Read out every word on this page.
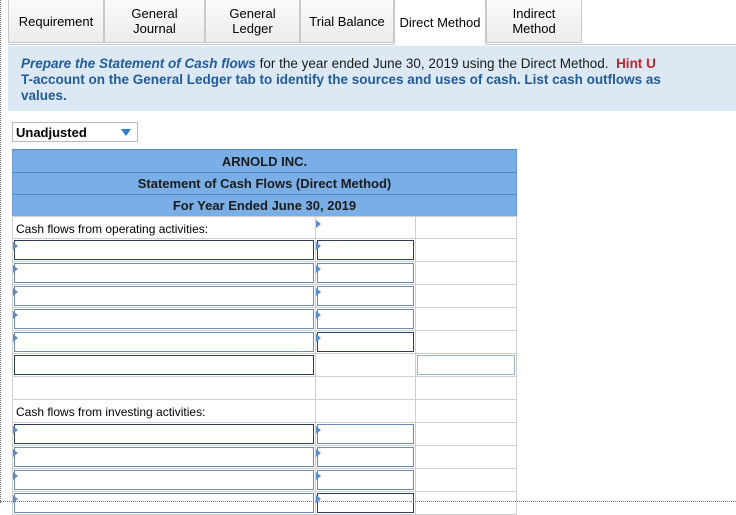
Requirement	General
Journal
General
Ledger	Trial Balance Direct Method
Indirect
Method
Prepare the Statement of Cash flows for the year ended June 30, 2019 using the Direct Method. Hint U
T-account on the General Ledger tab to identify the sources and uses of cash. List cash outflows as
values.
Unadjusted
ARNOLD INC.
Statement of Cash Flows (Direct Method)
For Year Ended June 30, 2019
Cash flows from operating activities:
Cash flows from investing activities:
